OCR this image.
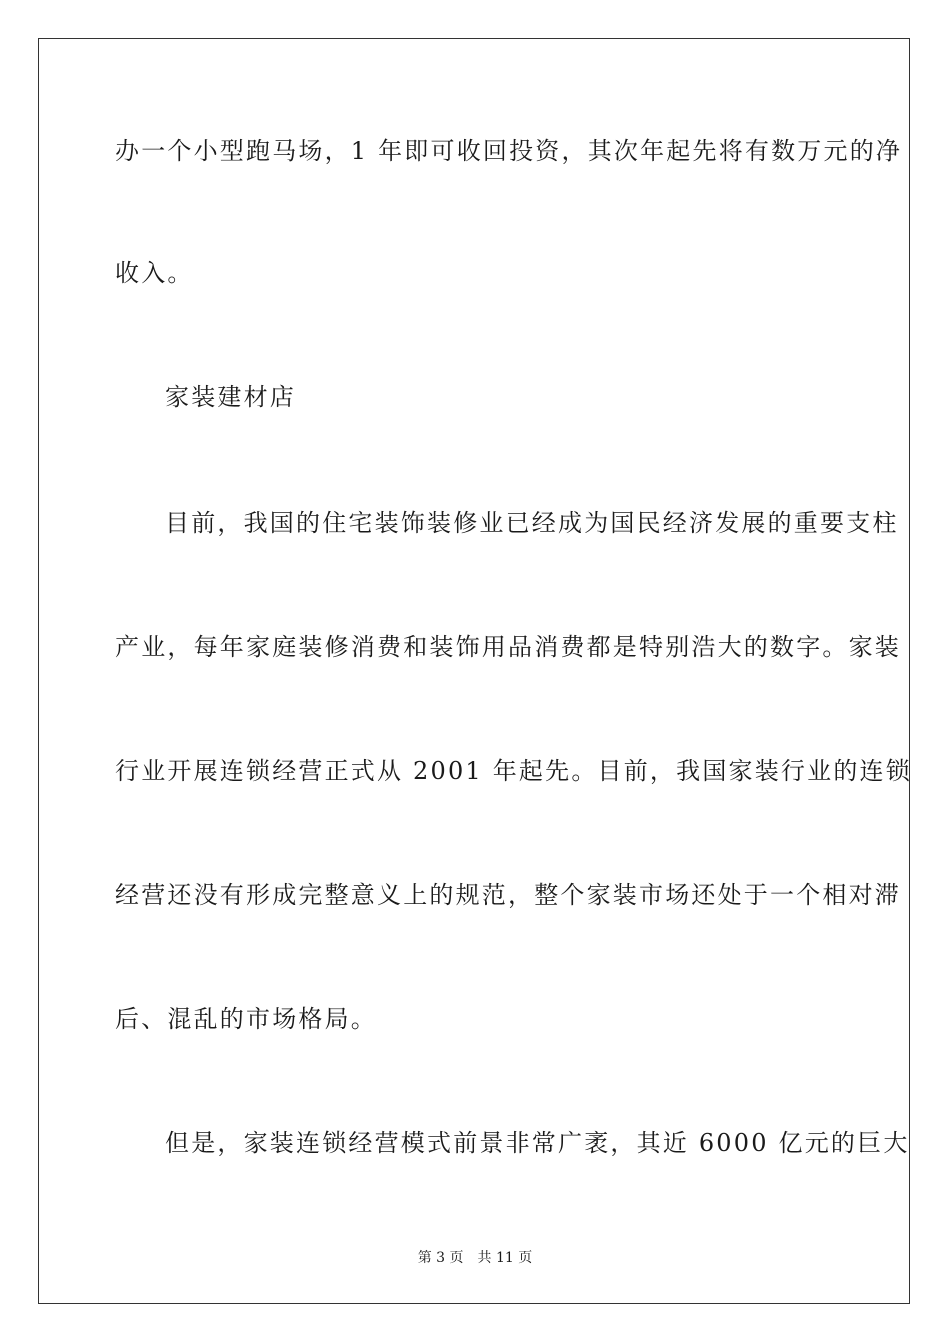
办一个小型跑马场，1 年即可收回投资，其次年起先将有数万元的净
收入。
家装建材店
目前，我国的住宅装饰装修业已经成为国民经济发展的重要支柱
产业，每年家庭装修消费和装饰用品消费都是特别浩大的数字。家装
行业开展连锁经营正式从 2001 年起先。目前，我国家装行业的连锁
经营还没有形成完整意义上的规范，整个家装市场还处于一个相对滞
后、混乱的市场格局。
但是，家装连锁经营模式前景非常广袤，其近 6000 亿元的巨大
第 3 页 共 11 页
